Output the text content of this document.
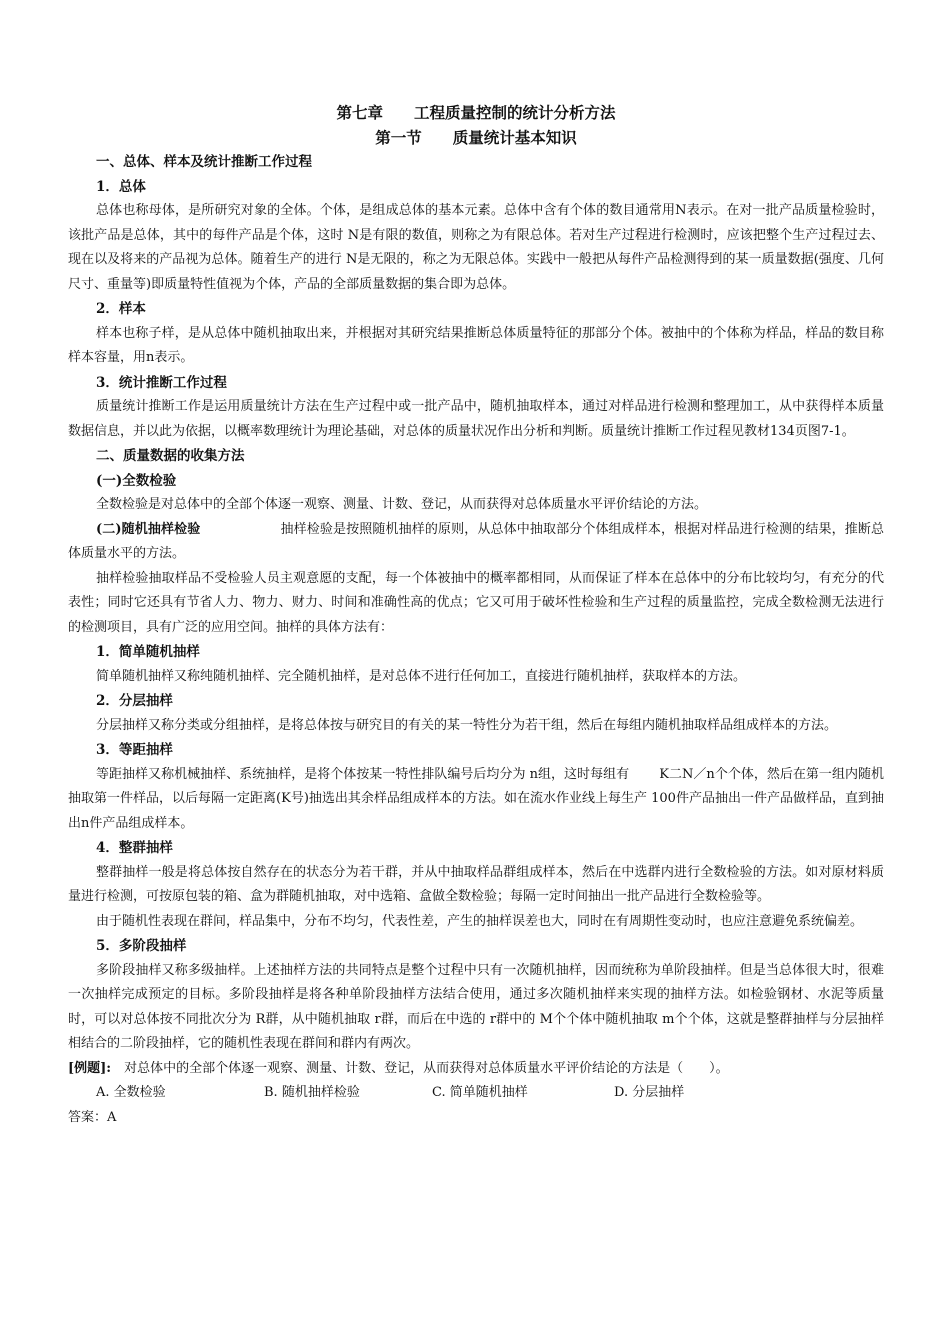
第七章　　工程质量控制的统计分析方法

第一节　　质量统计基本知识

一、总体、样本及统计推断工作过程

1．总体

总体也称母体，是所研究对象的全体。个体，是组成总体的基本元素。总体中含有个体的数目通常用N表示。在对一批产品质量检验时，该批产品是总体，其中的每件产品是个体，这时 N是有限的数值，则称之为有限总体。若对生产过程进行检测时，应该把整个生产过程过去、现在以及将来的产品视为总体。随着生产的进行 N是无限的，称之为无限总体。实践中一般把从每件产品检测得到的某一质量数据(强度、几何尺寸、重量等)即质量特性值视为个体，产品的全部质量数据的集合即为总体。

2．样本

样本也称子样，是从总体中随机抽取出来，并根据对其研究结果推断总体质量特征的那部分个体。被抽中的个体称为样品，样品的数目称样本容量，用n表示。

3．统计推断工作过程

质量统计推断工作是运用质量统计方法在生产过程中或一批产品中，随机抽取样本，通过对样品进行检测和整理加工，从中获得样本质量数据信息，并以此为依据，以概率数理统计为理论基础，对总体的质量状况作出分析和判断。质量统计推断工作过程见教材134页图7-1。

二、质量数据的收集方法

(一)全数检验

全数检验是对总体中的全部个体逐一观察、测量、计数、登记，从而获得对总体质量水平评价结论的方法。

(二)随机抽样检验	抽样检验是按照随机抽样的原则，从总体中抽取部分个体组成样本，根据对样品进行检测的结果，推断总体质量水平的方法。

抽样检验抽取样品不受检验人员主观意愿的支配，每一个体被抽中的概率都相同，从而保证了样本在总体中的分布比较均匀，有充分的代表性；同时它还具有节省人力、物力、财力、时间和准确性高的优点；它又可用于破坏性检验和生产过程的质量监控，完成全数检测无法进行的检测项目，具有广泛的应用空间。抽样的具体方法有：

1．简单随机抽样

简单随机抽样又称纯随机抽样、完全随机抽样，是对总体不进行任何加工，直接进行随机抽样，获取样本的方法。

2．分层抽样

分层抽样又称分类或分组抽样，是将总体按与研究目的有关的某一特性分为若干组，然后在每组内随机抽取样品组成样本的方法。

3．等距抽样

等距抽样又称机械抽样、系统抽样，是将个体按某一特性排队编号后均分为 n组，这时每组有　　 K二N／n个个体，然后在第一组内随机抽取第一件样品，以后每隔一定距离(K号)抽选出其余样品组成样本的方法。如在流水作业线上每生产 100件产品抽出一件产品做样品，直到抽出n件产品组成样本。

4．整群抽样

整群抽样一般是将总体按自然存在的状态分为若干群，并从中抽取样品群组成样本，然后在中选群内进行全数检验的方法。如对原材料质量进行检测，可按原包装的箱、盒为群随机抽取，对中选箱、盒做全数检验；每隔一定时间抽出一批产品进行全数检验等。

由于随机性表现在群间，样品集中，分布不均匀，代表性差，产生的抽样误差也大，同时在有周期性变动时，也应注意避免系统偏差。

5．多阶段抽样

多阶段抽样又称多级抽样。上述抽样方法的共同特点是整个过程中只有一次随机抽样，因而统称为单阶段抽样。但是当总体很大时，很难一次抽样完成预定的目标。多阶段抽样是将各种单阶段抽样方法结合使用，通过多次随机抽样来实现的抽样方法。如检验钢材、水泥等质量时，可以对总体按不同批次分为 R群，从中随机抽取 r群，而后在中选的 r群中的 M个个体中随机抽取 m个个体，这就是整群抽样与分层抽样相结合的二阶段抽样，它的随机性表现在群间和群内有两次。

[例题]:　对总体中的全部个体逐一观察、测量、计数、登记，从而获得对总体质量水平评价结论的方法是（　　）。

A. 全数检验	B. 随机抽样检验	C. 简单随机抽样	D. 分层抽样

答案：A
